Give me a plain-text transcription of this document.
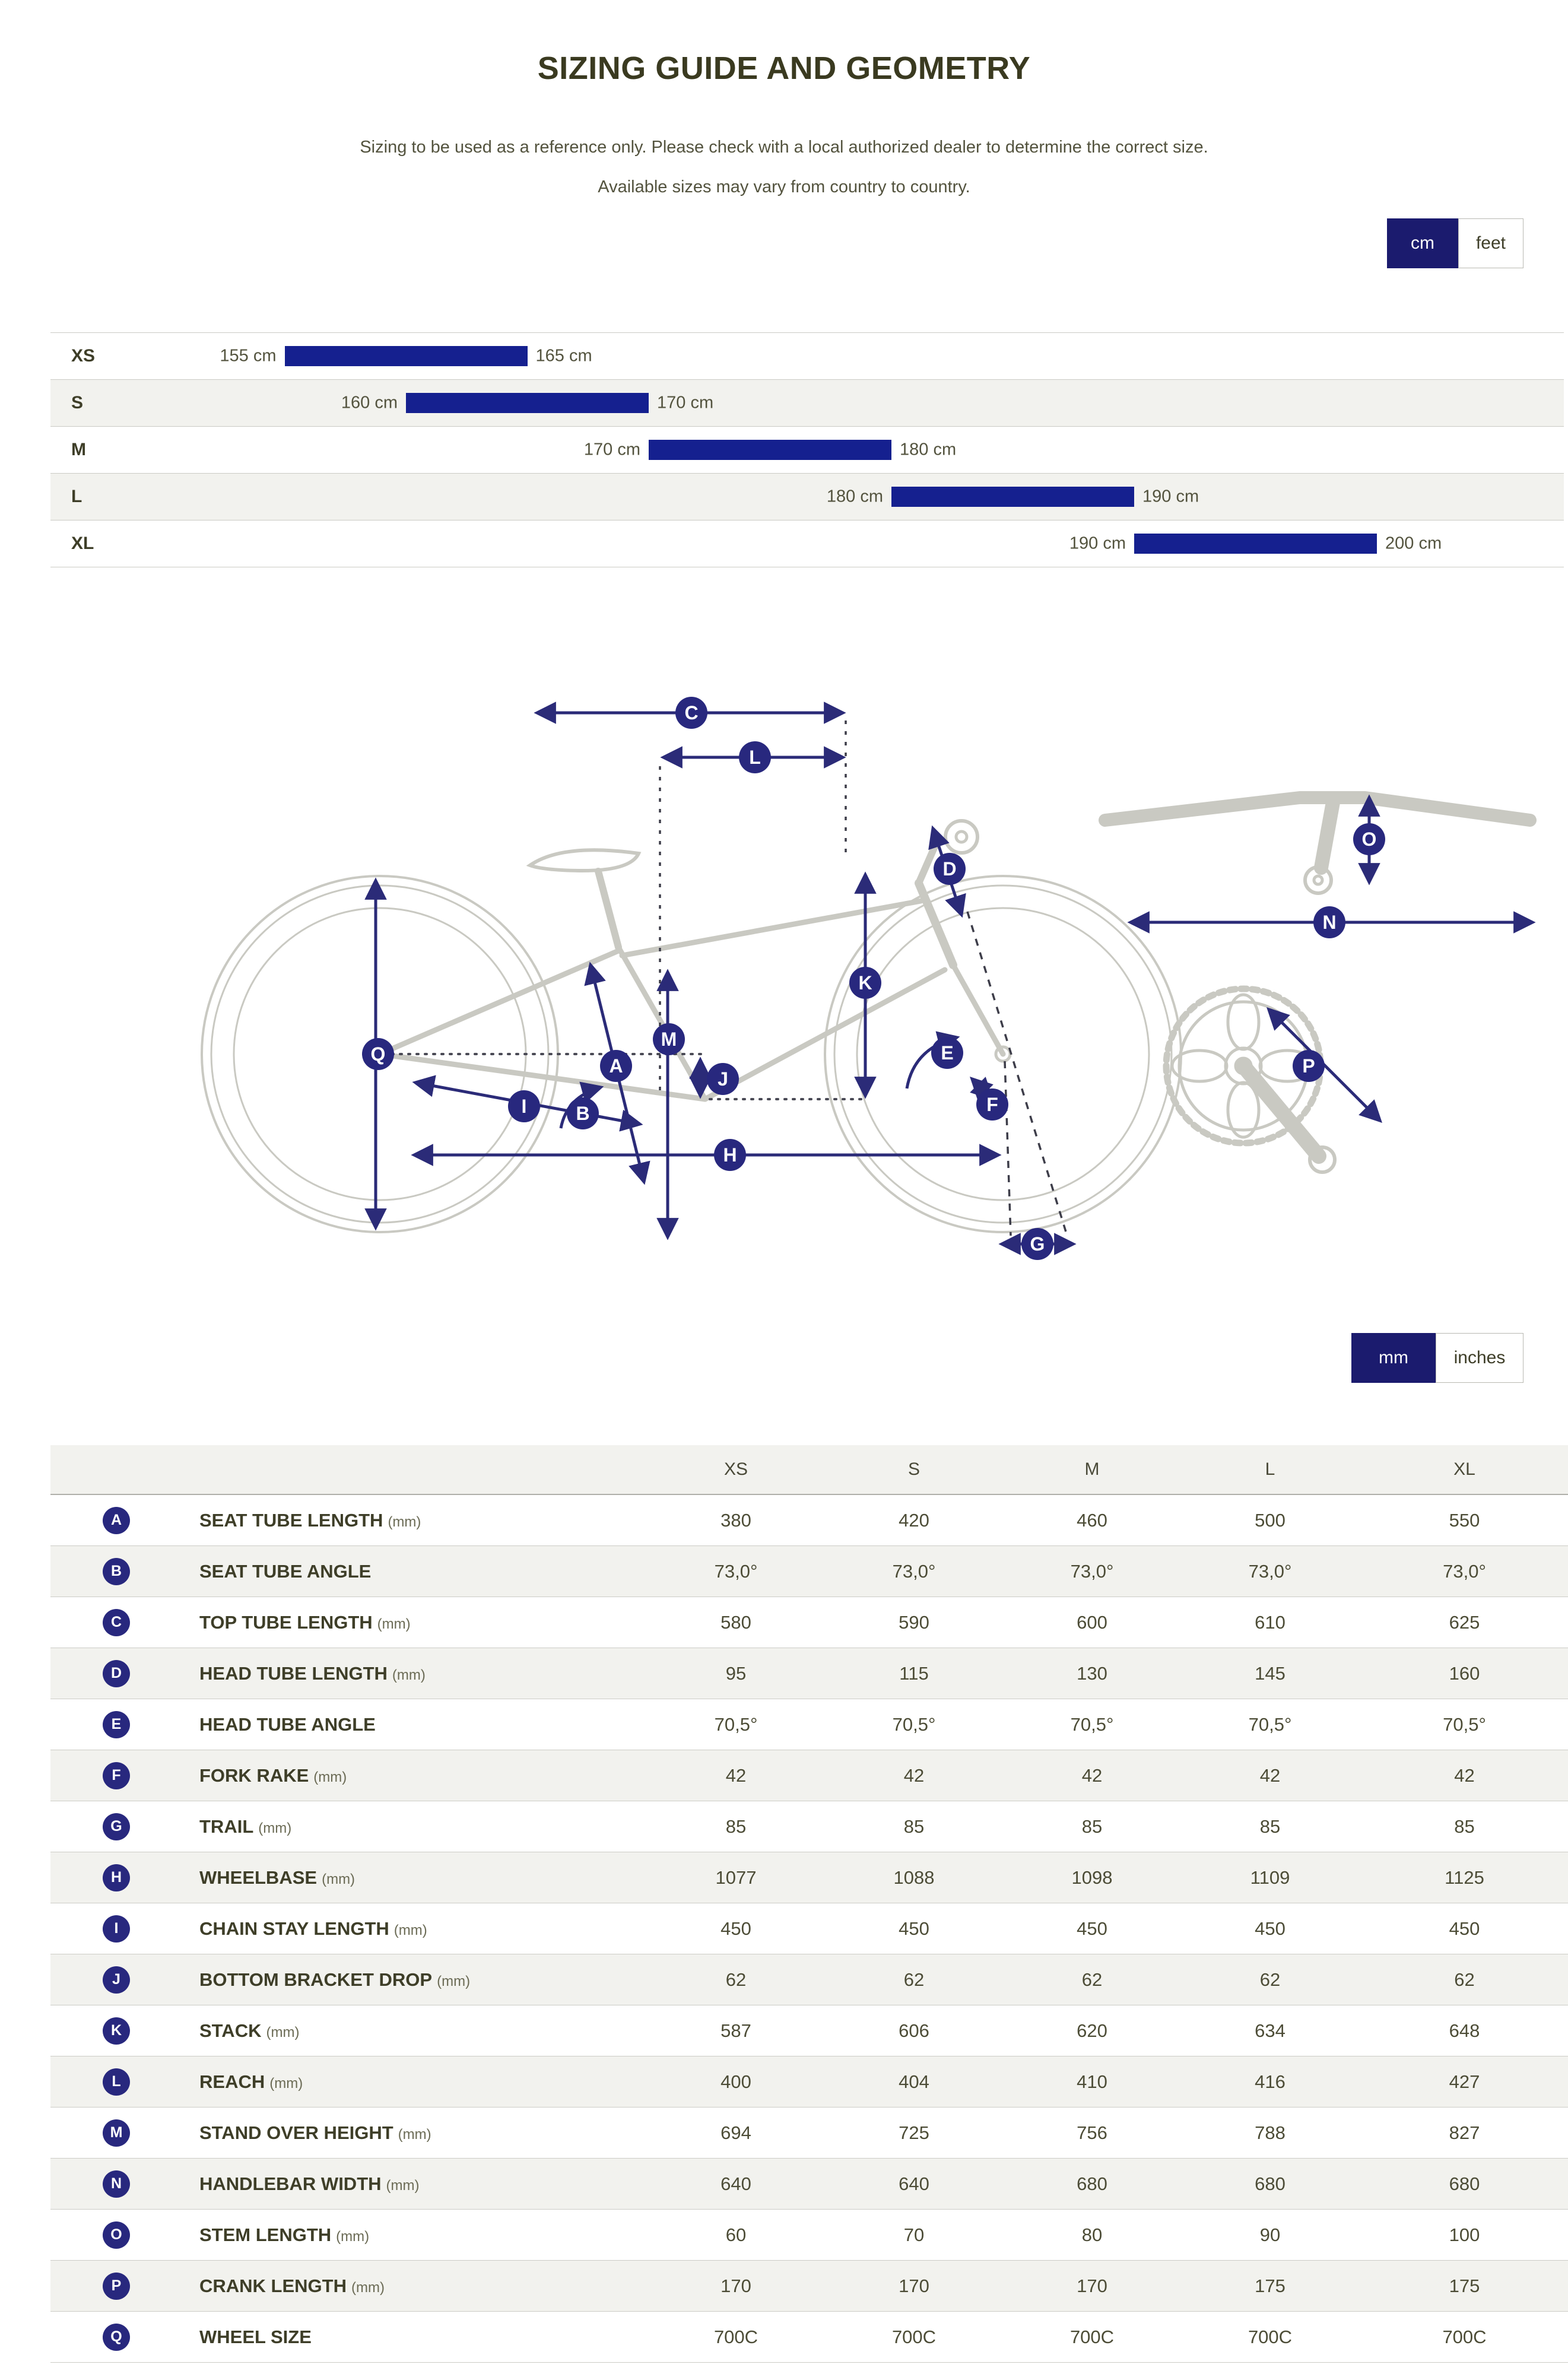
SIZING GUIDE AND GEOMETRY
Sizing to be used as a reference only. Please check with a local authorized dealer to determine the correct size.
Available sizes may vary from country to country.
cm	feet
XS	155 cm	165 cm
S	160 cm	170 cm
M	170 cm	180 cm
L	180 cm	190 cm
XL	190 cm	200 cm
A
B
C
D
E
F
G
H
I
J
K
L
M
N
O
P
Q
mm	inches
		XS	S	M	L	XL
A	SEAT TUBE LENGTH (mm)	380	420	460	500	550
B	SEAT TUBE ANGLE	73,0°	73,0°	73,0°	73,0°	73,0°
C	TOP TUBE LENGTH (mm)	580	590	600	610	625
D	HEAD TUBE LENGTH (mm)	95	115	130	145	160
E	HEAD TUBE ANGLE	70,5°	70,5°	70,5°	70,5°	70,5°
F	FORK RAKE (mm)	42	42	42	42	42
G	TRAIL (mm)	85	85	85	85	85
H	WHEELBASE (mm)	1077	1088	1098	1109	1125
I	CHAIN STAY LENGTH (mm)	450	450	450	450	450
J	BOTTOM BRACKET DROP (mm)	62	62	62	62	62
K	STACK (mm)	587	606	620	634	648
L	REACH (mm)	400	404	410	416	427
M	STAND OVER HEIGHT (mm)	694	725	756	788	827
N	HANDLEBAR WIDTH (mm)	640	640	680	680	680
O	STEM LENGTH (mm)	60	70	80	90	100
P	CRANK LENGTH (mm)	170	170	170	175	175
Q	WHEEL SIZE	700C	700C	700C	700C	700C
